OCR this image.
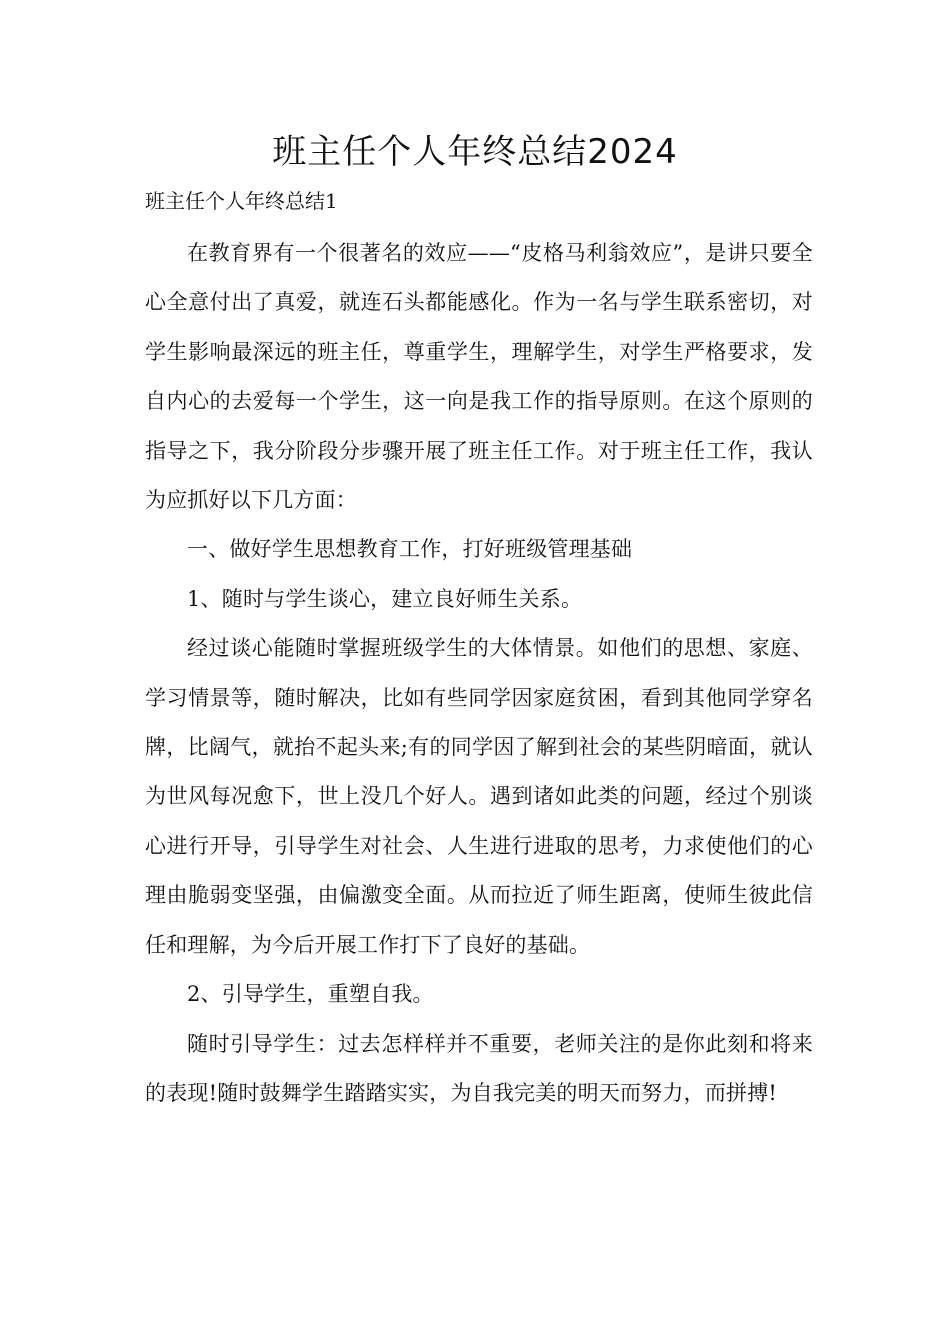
班主任个人年终总结2024
班主任个人年终总结1

在教育界有一个很著名的效应——“皮格马利翁效应”，是讲只要全心全意付出了真爱，就连石头都能感化。作为一名与学生联系密切，对学生影响最深远的班主任，尊重学生，理解学生，对学生严格要求，发自内心的去爱每一个学生，这一向是我工作的指导原则。在这个原则的指导之下，我分阶段分步骤开展了班主任工作。对于班主任工作，我认为应抓好以下几方面：

一、做好学生思想教育工作，打好班级管理基础

1、随时与学生谈心，建立良好师生关系。

经过谈心能随时掌握班级学生的大体情景。如他们的思想、家庭、学习情景等，随时解决，比如有些同学因家庭贫困，看到其他同学穿名牌，比阔气，就抬不起头来;有的同学因了解到社会的某些阴暗面，就认为世风每况愈下，世上没几个好人。遇到诸如此类的问题，经过个别谈心进行开导，引导学生对社会、人生进行进取的思考，力求使他们的心理由脆弱变坚强，由偏激变全面。从而拉近了师生距离，使师生彼此信任和理解，为今后开展工作打下了良好的基础。

2、引导学生，重塑自我。

随时引导学生：过去怎样样并不重要，老师关注的是你此刻和将来的表现!随时鼓舞学生踏踏实实，为自我完美的明天而努力，而拼搏!
